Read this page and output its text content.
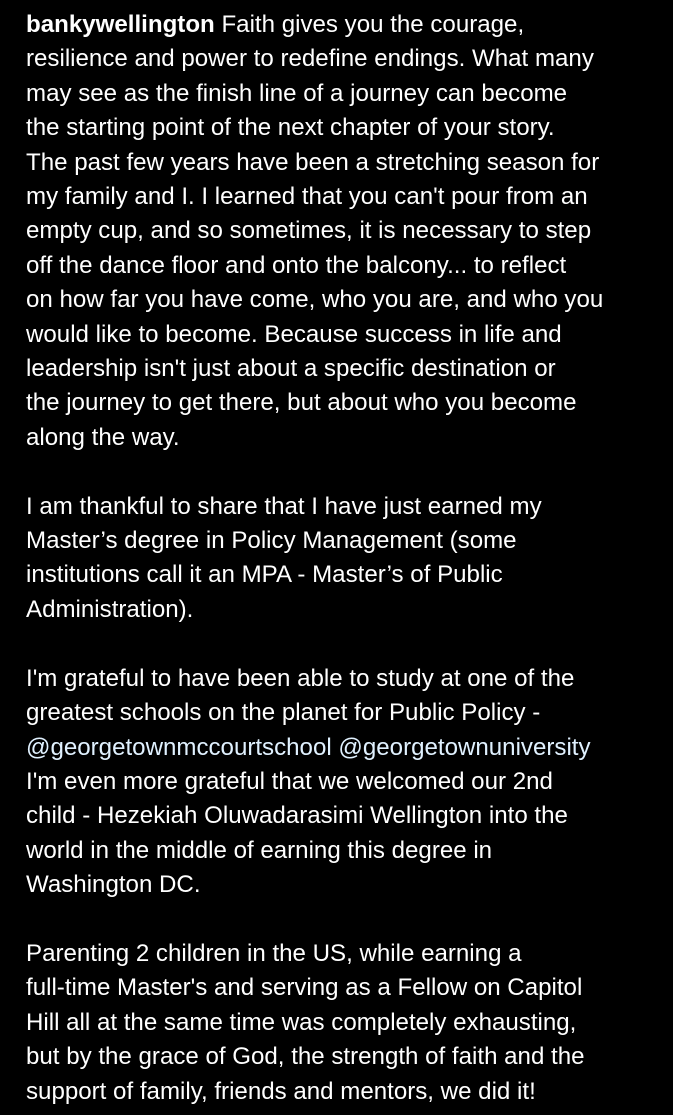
bankywellington Faith gives you the courage,
resilience and power to redefine endings. What many
may see as the finish line of a journey can become
the starting point of the next chapter of your story.
The past few years have been a stretching season for
my family and I. I learned that you can't pour from an
empty cup, and so sometimes, it is necessary to step
off the dance floor and onto the balcony... to reflect
on how far you have come, who you are, and who you
would like to become. Because success in life and
leadership isn't just about a specific destination or
the journey to get there, but about who you become
along the way.
I am thankful to share that I have just earned my
Master’s degree in Policy Management (some
institutions call it an MPA - Master’s of Public
Administration).
I'm grateful to have been able to study at one of the
greatest schools on the planet for Public Policy -
@georgetownmccourtschool @georgetownuniversity
I'm even more grateful that we welcomed our 2nd
child - Hezekiah Oluwadarasimi Wellington into the
world in the middle of earning this degree in
Washington DC.
Parenting 2 children in the US, while earning a
full-time Master's and serving as a Fellow on Capitol
Hill all at the same time was completely exhausting,
but by the grace of God, the strength of faith and the
support of family, friends and mentors, we did it!
